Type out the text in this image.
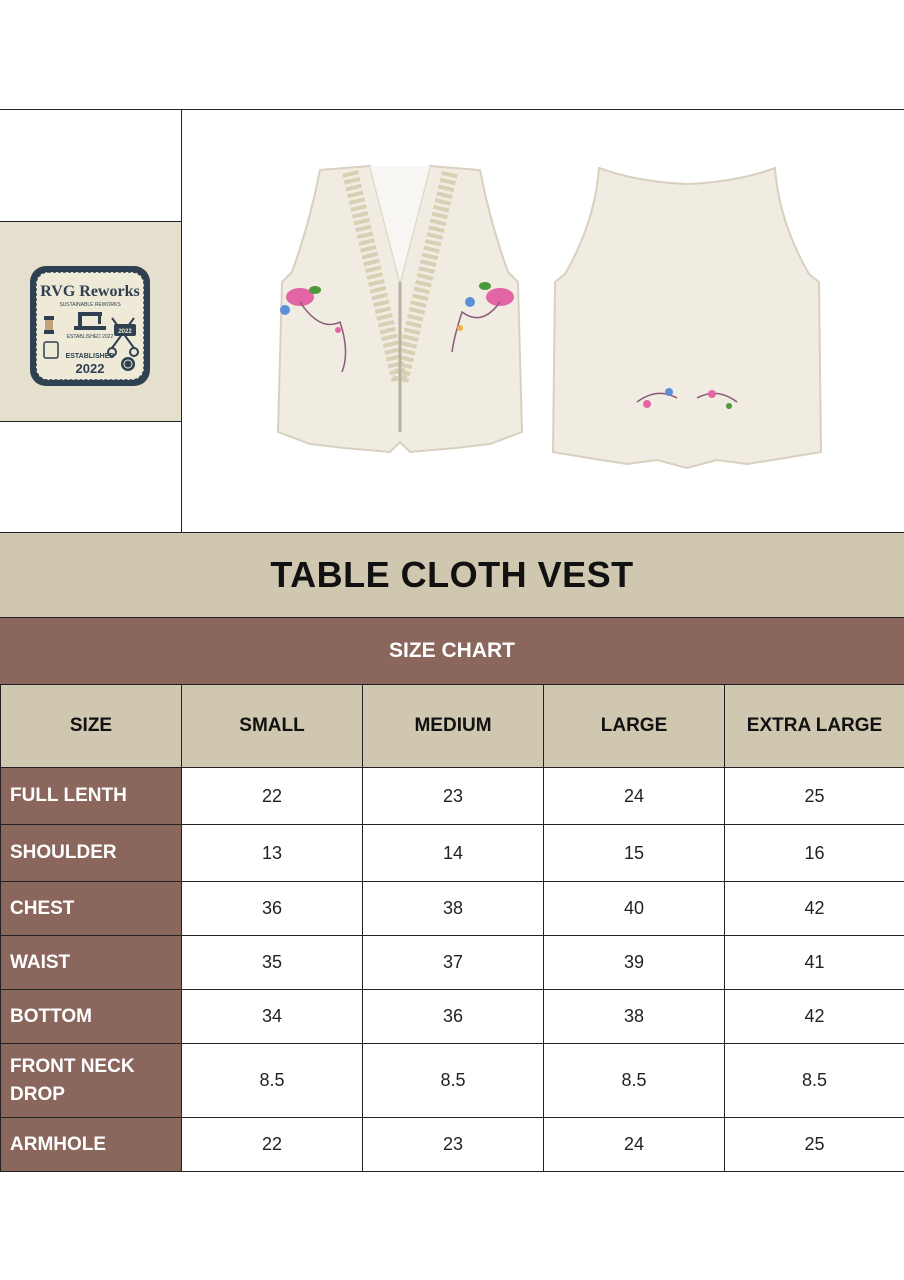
RVG Reworks
SUSTAINABLE REWORKS
ESTABLISHED 2022
2022
ESTABLISHED
2022
TABLE CLOTH VEST
SIZE CHART
SIZE	SMALL	MEDIUM	LARGE	EXTRA LARGE
FULL LENTH	22	23	24	25
SHOULDER	13	14	15	16
CHEST	36	38	40	42
WAIST	35	37	39	41
BOTTOM	34	36	38	42
FRONT NECK DROP	8.5	8.5	8.5	8.5
ARMHOLE	22	23	24	25
